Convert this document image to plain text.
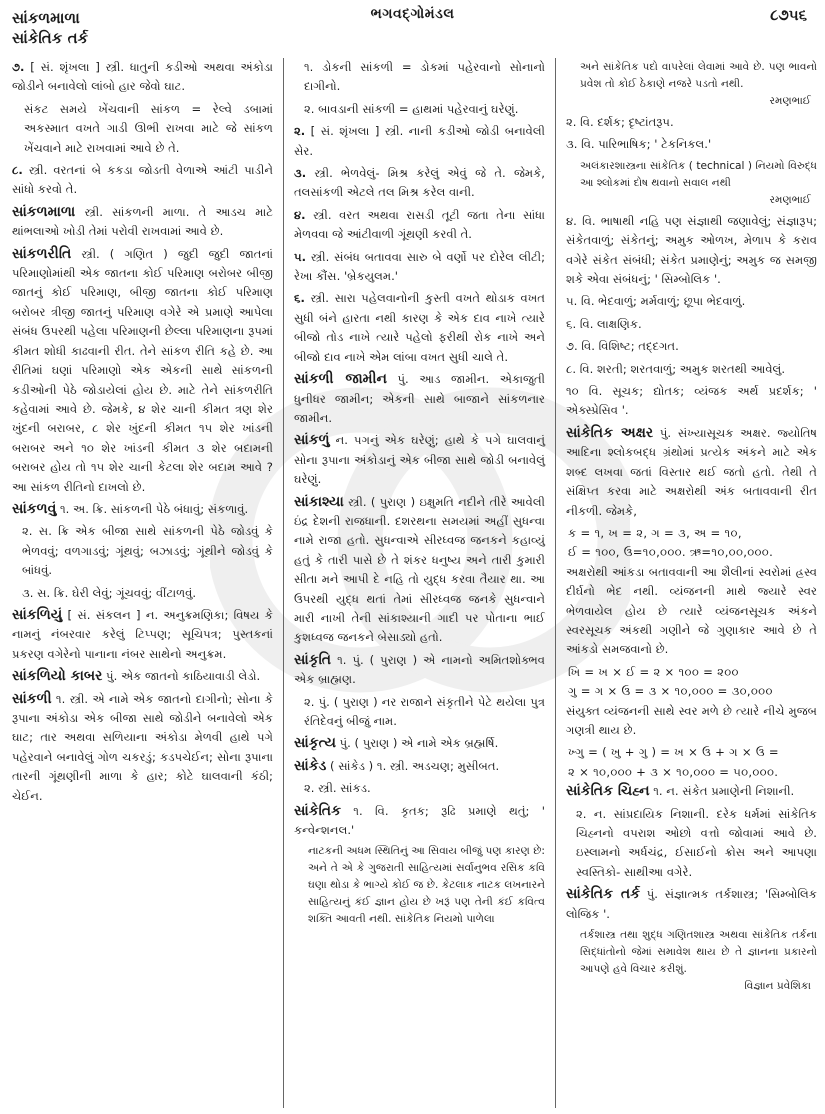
સાંકળમાળા
સાંકેતિક તર્ક
ભગવદ્ગોમંડલ	૮૭૫૬

૭. [ સં. શૃંખલા ] સ્ત્રી. ધાતુની કડીઓ અથવા અંકોડા જોડીને બનાવેલો લાંબો હાર જેવો ઘાટ.

સંકટ સમયે ખેંચવાની સાંકળ = રેલ્વે ડબામાં અકસ્માત વખતે ગાડી ઊભી રાખવા માટે જે સાંકળ ખેંચવાને માટે રાખવામાં આવે છે તે.

૮. સ્ત્રી. વરતનાં બે કકડા જોડતી વેળાએ આંટી પાડીને સાંધો કરવો તે.

સાંકળમાળા સ્ત્રી. સાંકળની માળા. તે આડચ માટે થાંભલાઓ ખોડી તેમાં પરોવી રાખવામાં આવે છે.

સાંકળરીતિ સ્ત્રી. ( ગણિત ) જુદી જુદી જાતનાં પરિમાણોમાંથી એક જાતના કોઈ પરિમાણ બરોબર બીજી જાતનું કોઈ પરિમાણ, બીજી જાતના કોઈ પરિમાણ બરોબર ત્રીજી જાતનું પરિમાણ વગેરે એ પ્રમાણે આપેલા સંબંધ ઉપરથી પહેલા પરિમાણની છેલ્લા પરિમાણના રૂપમાં કીમત શોધી કાઢવાની રીત. તેને સાંકળ રીતિ કહે છે. આ રીતિમાં ઘણાં પરિમાણો એક એકની સાથે સાંકળની કડીઓની પેઠે જોડાયેલાં હોય છે. માટે તેને સાંકળરીતિ કહેવામાં આવે છે. જેમકે, ૪ શેર ચાની કીમત ત્રણ શેર ખુંદની બરાબર, ૮ શેર ખુંદની કીમત ૧૫ શેર ખાંડની બરાબર અને ૧૦ શેર ખાંડની કીમત ૩ શેર બદામની બરાબર હોય તો ૧૫ શેર ચાની કેટલા શેર બદામ આવે ? આ સાંકળ રીતિનો દાખલો છે.

સાંકળવું ૧. અ. ક્રિ. સાંકળની પેઠે બંધાવું; સંકળાવું.

૨. સ. ક્રિ એક બીજા સાથે સાંકળની પેઠે જોડવું કે ભેળવવું; વળગાડવું; ગૂંથવું; બઝાડવું; ગૂંથીને જોડવું કે બાંધવું.

૩. સ. ક્રિ. ઘેરી લેવું; ગૂંચવવું; વીંટાળવું.

સાંકળિયું [ સં. સંકલન ] ન. અનુક્રમણિકા; વિષય કે નામનું નંબરવાર કરેલું ટિપ્પણ; સૂચિપત્ર; પુસ્તકનાં પ્રકરણ વગેરેનો પાનાના નંબર સાથેનો અનુક્રમ.

સાંકળિયો કાબર પું. એક જાતનો કાઠિયાવાડી લેડો.

સાંકળી ૧. સ્ત્રી. એ નામે એક જાતનો દાગીનો; સોના કે રૂપાના અંકોડા એક બીજા સાથે જોડીને બનાવેલો એક ઘાટ; તાર અથવા સળિયાના અંકોડા મેળવી હાથે પગે પહેરવાને બનાવેલું ગોળ ચકરડું; કડપચેઈન; સોના રૂપાના તારની ગૂંથણીની માળા કે હાર; કોટે ઘાલવાની કંઠી; ચેઈન.

૧. ડોકની સાંકળી = ડોકમાં પહેરવાનો સોનાનો દાગીનો.

૨. બાવડાની સાંકળી = હાથમાં પહેરવાનું ઘરેણું.

૨. [ સં. શૃંખલા ] સ્ત્રી. નાની કડીઓ જોડી બનાવેલી સેર.

૩. સ્ત્રી. ભેળવેલું- મિશ્ર કરેલું એવું જે તે. જેમકે, તલસાંકળી એટલે તલ મિશ્ર કરેલ વાની.

૪. સ્ત્રી. વરત અથવા રાસડી તૂટી જતા તેના સાંધા મેળવવા જે આંટીવાળી ગૂંથણી કરવી તે.

૫. સ્ત્રી. સંબંધ બતાવવા સારુ બે વર્ણો પર દોરેલ લીટી; રેખા કૌંસ. 'બ્રેકયુલમ.'

૬. સ્ત્રી. સારા પહેલવાનોની કુસ્તી વખતે થોડાક વખત સુધી બંને હારતા નથી કારણ કે એક દાવ નાખે ત્યારે બીજો તોડ નાખે ત્યારે પહેલો ફરીથી રોક નાખે અને બીજો દાવ નાખે એમ લાંબા વખત સુધી ચાલે તે.

સાંકળી જામીન પું. આડ જામીન. એકાજુતી ધુનીધર જામીન; એકની સાથે બાજાને સાંકળનાર જામીન.

સાંકળું ન. પગનું એક ઘરેણું; હાથે કે પગે ઘાલવાનું સોના રૂપાના અંકોડાનું એક બીજા સાથે જોડી બનાવેલું ઘરેણું.

સાંકાશ્યા સ્ત્રી. ( પુરાણ ) ઇક્ષુમતિ નદીને તીરે આવેલી ઇંદ્ર દેશની રાજધાની. દશરથના સમયમાં અહીં સુધન્વા નામે રાજા હતો. સુધન્વાએ સીરધ્વજ જનકને કહાવ્યું હતું કે તારી પાસે છે તે શંકર ધનુષ્ય અને તારી કુમારી સીતા મને આપી દે નહિ તો યુદ્ધ કરવા તૈયાર થા. આ ઉપરથી યુદ્ધ થતાં તેમાં સીરધ્વજ જનકે સુધન્વાને મારી નાખી તેની સાંકાશ્યાની ગાદી પર પોતાના ભાઈ કુશધ્વજ જનકને બેસાડ્યો હતો.

સાંકૃતિ ૧. પું. ( પુરાણ ) એ નામનો અમિતશોક્ભવ એક બ્રાહ્મણ.

૨. પું. ( પુરાણ ) નર રાજાને સંકૃતીને પેટે થયેલા પુત્ર રંતિદેવનું બીજું નામ.

સાંકૃત્ય પું. ( પુરાણ ) એ નામે એક બ્રહ્મર્ષિ.

સાંકેડ ( સાંકેડ ) ૧. સ્ત્રી. અડચણ; મુસીબત.

૨. સ્ત્રી. સાંકડ.

સાંકેતિક ૧. વિ. કૃતક; રૂઢિ પ્રમાણે થતું; ' કન્વેન્શનલ.'

નાટકની અધમ સ્થિતિનું આ સિવાય બીજું પણ કારણ છે: અને તે એ કે ગુજરાતી સાહિત્યમાં સર્વાનુભવ રસિક કવિ ઘણા થોડા કે ભાગ્યે કોઈ જ છે. કેટલાક નાટક લખનારને સાહિત્યનું કંઈ જ્ઞાન હોય છે ખરૂં પણ તેની કંઈ કવિત્વ શક્તિ આવતી નથી. સાંકેતિક નિયમો પાળેલા

અને સાંકેતિક પદો વાપરેલાં લેવામાં આવે છે. પણ ભાવનો પ્રવેશ તો કોઈ ઠેકાણે નજરે પડતો નથી.
રમણભાઈ

૨. વિ. દર્શક; દૃષ્ટાંતરૂપ.

૩. વિ. પારિભાષિક; ' ટેકનિકલ.'

અલંકારશાસ્ત્રના સાંકેતિક ( technical ) નિયમો વિરુદ્ધ આ શ્લોકમાં દોષ થવાનો સવાલ નથી
રમણભાઈ

૪. વિ. ભાષાથી નહિ પણ સંજ્ઞાથી જણાવેલું; સંજ્ઞારૂપ; સંકેતવાળું; સંકેતનું; અમુક ઓળખ, મેળાપ કે કરાવ વગેરે સંકેત સંબંધી; સંકેત પ્રમાણેનું; અમુક જ સમજી શકે એવા સંબંધનું; ' સિમ્બોલિક '.

૫. વિ. ભેદવાળું; મર્મવાળું; છૂપા ભેદવાળું.

૬. વિ. લાક્ષણિક.

૭. વિ. વિશિષ્ટ; તદ્દગત.

૮. વિ. શરતી; શરતવાળું; અમુક શરતથી આવેલું.

૧૦ વિ. સૂચક; દ્યોતક; વ્યંજક અર્થ પ્રદર્શક; ' એક્સ્પ્રેસિવ '.

સાંકેતિક અક્ષર પું. સંખ્યાસૂચક અક્ષર. જ્યોતિષ આદિના શ્લોકબદ્ધ ગ્રંથોમાં પ્રત્યેક અંકને માટે એક શબ્દ લખવા જતાં વિસ્તાર થઈ જતો હતો. તેથી તે સંક્ષિપ્ત કરવા માટે અક્ષરોથી અંક બતાવવાની રીત નીકળી. જેમકે,

ક = ૧, ખ = ૨, ગ = ૩, અ = ૧૦,
ઈ = ૧૦૦, ઉ=૧૦,૦૦૦. ઋ=૧૦,૦૦,૦૦૦.

અક્ષરોથી આંકડા બતાવવાની આ શૈલીનાં સ્વરોમાં હ્રસ્વ દીર્ઘનો ભેદ નથી. વ્યંજનની માથે જ્યારે સ્વર ભેળવાયેલ હોય છે ત્યારે વ્યંજનસૂચક અંકને સ્વરસૂચક અંકથી ગણીને જે ગુણાકાર આવે છે તે આંકડો સમજવાનો છે.

ખિ = ખ × ઈ = ૨ × ૧૦૦ = ૨૦૦
ગુ = ગ × ઉ = ૩ × ૧૦,૦૦૦ = ૩૦,૦૦૦

સંયુક્ત વ્યંજનની સાથે સ્વર મળે છે ત્યારે નીચે મુજબ ગણત્રી થાય છે.

ખ્ગુ = ( ખુ + ગુ ) = ખ × ઉ + ગ × ઉ =
૨ × ૧૦,૦૦૦ + ૩ × ૧૦,૦૦૦ = ૫૦,૦૦૦.

સાંકેતિક ચિહ્ન ૧. ન. સંકેત પ્રમાણેની નિશાની.

૨. ન. સાંપ્રદાયિક નિશાની. દરેક ધર્મમાં સાંકેતિક ચિહ્નનો વપરાશ ઓછો વત્તો જોવામાં આવે છે. ઇસ્લામનો અર્ધચંદ્ર, ઈસાઈનો ક્રોસ અને આપણા સ્વસ્તિકો- સાથીઆ વગેરે.

સાંકેતિક તર્ક પું. સંજ્ઞાત્મક તર્કશાસ્ત્ર; 'સિમ્બોલિક લોજિક '.

તર્કશાસ્ત્ર તથા શુદ્ધ ગણિતશાસ્ત્ર અથવા સાંકેતિક તર્કના સિદ્ધાંતોનો જેમાં સમાવેશ થાય છે તે જ્ઞાનના પ્રકારનો આપણે હવે વિચાર કરીશું.
વિજ્ઞાન પ્રવેશિકા
